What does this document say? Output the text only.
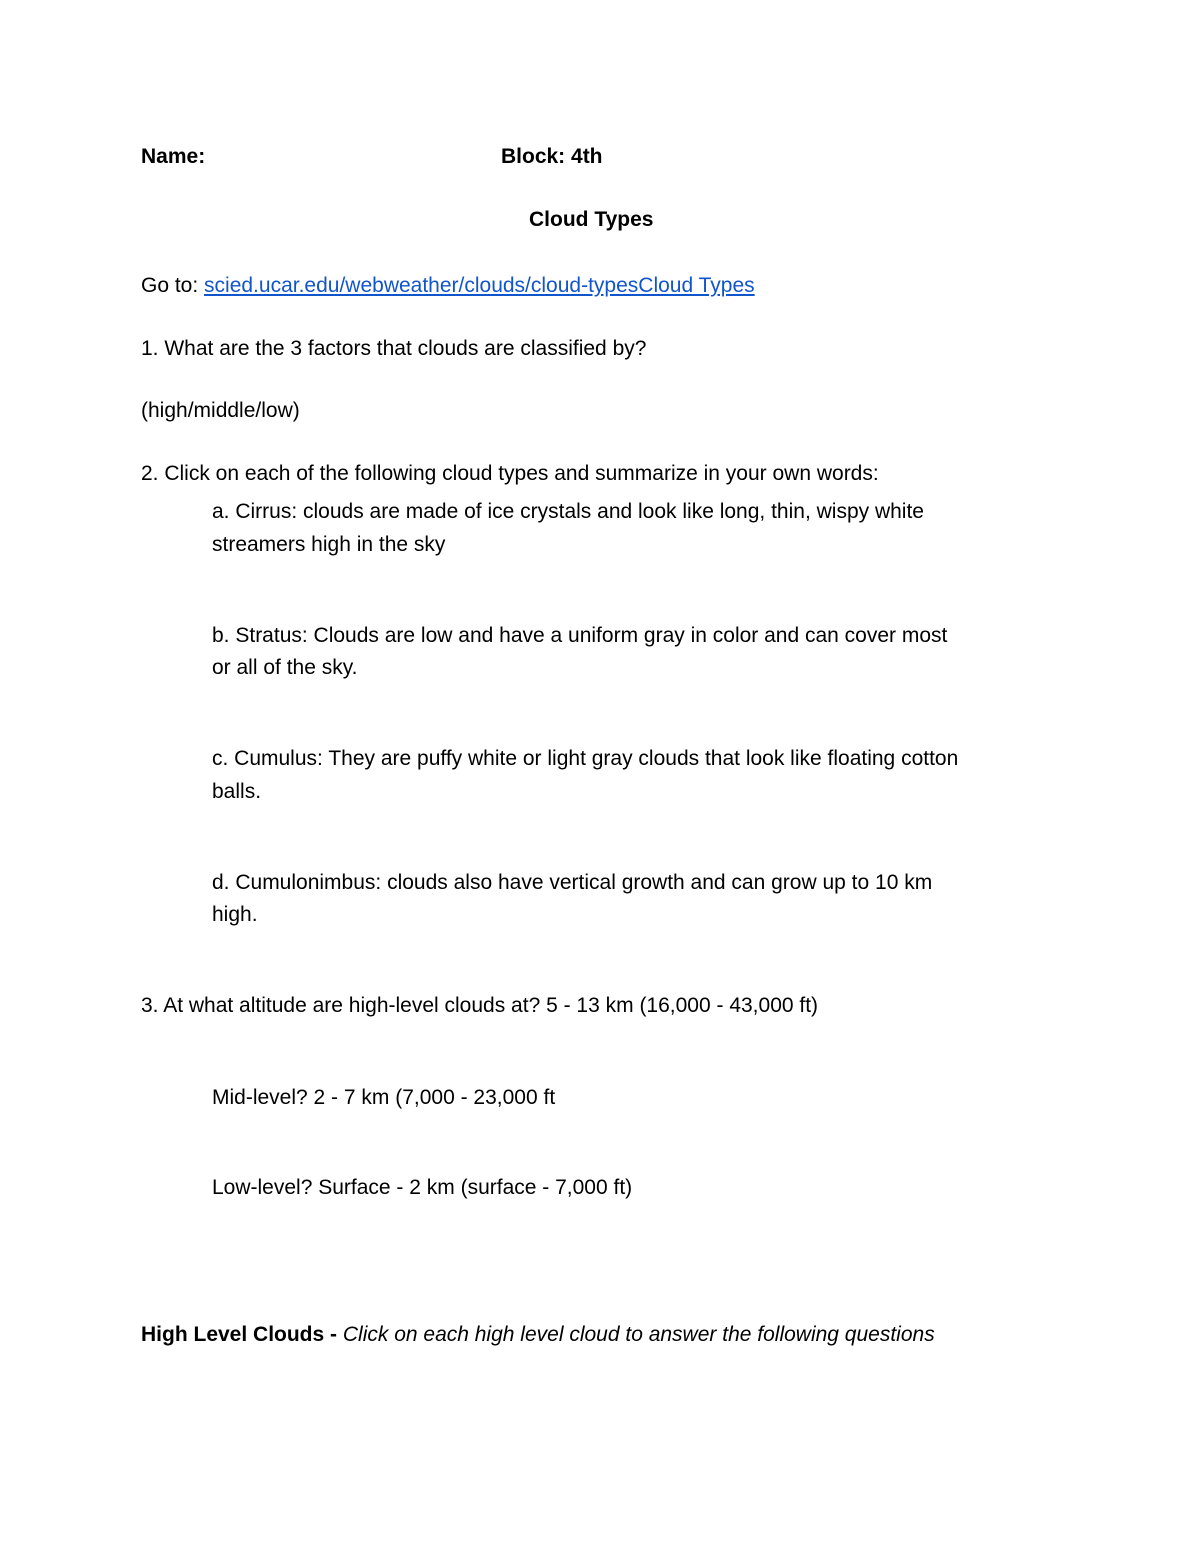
Name:	Block: 4th
Cloud Types
Go to: scied.ucar.edu/webweather/clouds/cloud-typesCloud Types
1. What are the 3 factors that clouds are classified by?
(high/middle/low)
2. Click on each of the following cloud types and summarize in your own words:
a. Cirrus: clouds are made of ice crystals and look like long, thin, wispy white
streamers high in the sky
b. Stratus: Clouds are low and have a uniform gray in color and can cover most
or all of the sky.
c. Cumulus: They are puffy white or light gray clouds that look like floating cotton
balls.
d. Cumulonimbus: clouds also have vertical growth and can grow up to 10 km
high.
3. At what altitude are high-level clouds at? 5 - 13 km (16,000 - 43,000 ft)
Mid-level? 2 - 7 km (7,000 - 23,000 ft
Low-level? Surface - 2 km (surface - 7,000 ft)
High Level Clouds - Click on each high level cloud to answer the following questions
